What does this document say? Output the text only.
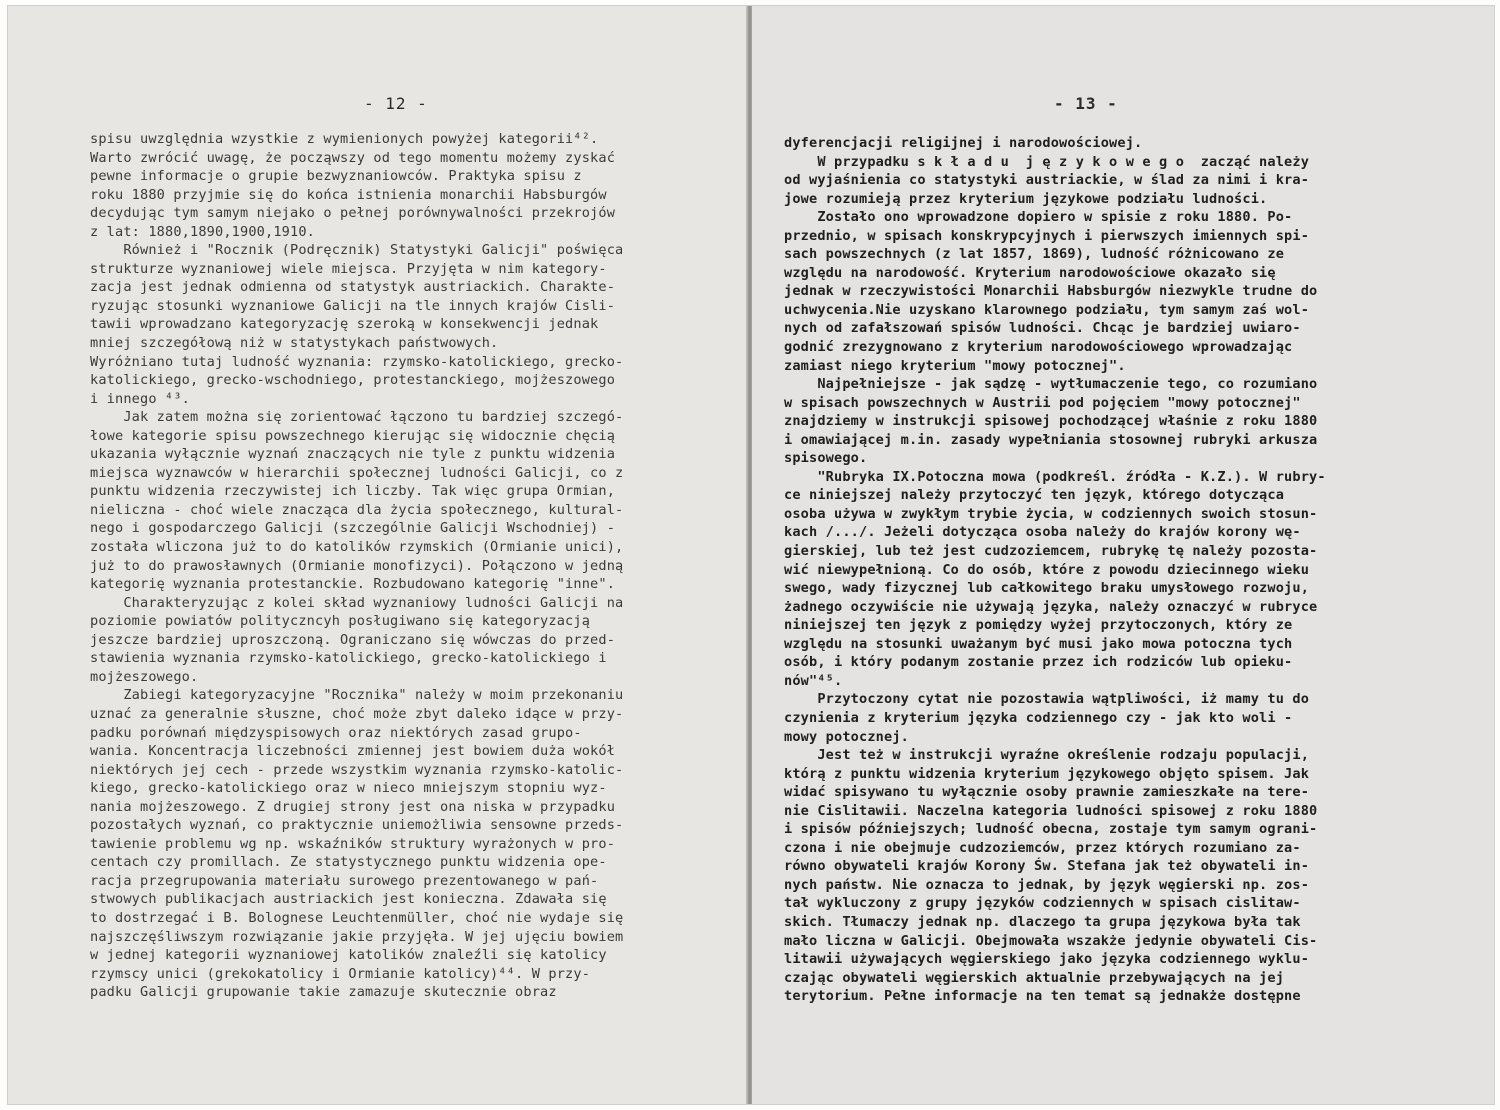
- 12 -
spisu uwzględnia wzystkie z wymienionych powyżej kategorii⁴².
Warto zwrócić uwagę, że począwszy od tego momentu możemy zyskać
pewne informacje o grupie bezwyznaniowców. Praktyka spisu z
roku 1880 przyjmie się do końca istnienia monarchii Habsburgów
decydując tym samym niejako o pełnej porównywalności przekrojów
z lat: 1880,1890,1900,1910.
Również i "Rocznik (Podręcznik) Statystyki Galicji" poświęca
strukturze wyznaniowej wiele miejsca. Przyjęta w nim kategory-
zacja jest jednak odmienna od statystyk austriackich. Charakte-
ryzując stosunki wyznaniowe Galicji na tle innych krajów Cisli-
tawii wprowadzano kategoryzację szeroką w konsekwencji jednak
mniej szczegółową niż w statystykach państwowych.
Wyróżniano tutaj ludność wyznania: rzymsko-katolickiego, grecko-
katolickiego, grecko-wschodniego, protestanckiego, mojżeszowego
i innego ⁴³.
Jak zatem można się zorientować łączono tu bardziej szczegó-
łowe kategorie spisu powszechnego kierując się widocznie chęcią
ukazania wyłącznie wyznań znaczących nie tyle z punktu widzenia
miejsca wyznawców w hierarchii społecznej ludności Galicji, co z
punktu widzenia rzeczywistej ich liczby. Tak więc grupa Ormian,
nieliczna - choć wiele znacząca dla życia społecznego, kultural-
nego i gospodarczego Galicji (szczególnie Galicji Wschodniej) -
została wliczona już to do katolików rzymskich (Ormianie unici),
już to do prawosławnych (Ormianie monofizyci). Połączono w jedną
kategorię wyznania protestanckie. Rozbudowano kategorię "inne".
Charakteryzując z kolei skład wyznaniowy ludności Galicji na
poziomie powiatów polityczncyh posługiwano się kategoryzacją
jeszcze bardziej uproszczoną. Ograniczano się wówczas do przed-
stawienia wyznania rzymsko-katolickiego, grecko-katolickiego i
mojżeszowego.
Zabiegi kategoryzacyjne "Rocznika" należy w moim przekonaniu
uznać za generalnie słuszne, choć może zbyt daleko idące w przy-
padku porównań międzyspisowych oraz niektórych zasad grupo-
wania. Koncentracja liczebności zmiennej jest bowiem duża wokół
niektórych jej cech - przede wszystkim wyznania rzymsko-katolic-
kiego, grecko-katolickiego oraz w nieco mniejszym stopniu wyz-
nania mojżeszowego. Z drugiej strony jest ona niska w przypadku
pozostałych wyznań, co praktycznie uniemożliwia sensowne przeds-
tawienie problemu wg np. wskaźników struktury wyrażonych w pro-
centach czy promillach. Ze statystycznego punktu widzenia ope-
racja przegrupowania materiału surowego prezentowanego w pań-
stwowych publikacjach austriackich jest konieczna. Zdawała się
to dostrzegać i B. Bolognese Leuchtenmüller, choć nie wydaje się
najszczęśliwszym rozwiązanie jakie przyjęła. W jej ujęciu bowiem
w jednej kategorii wyznaniowej katolików znaleźli się katolicy
rzymscy unici (grekokatolicy i Ormianie katolicy)⁴⁴. W przy-
padku Galicji grupowanie takie zamazuje skutecznie obraz
- 13 -
dyferencjacji religijnej i narodowościowej.
W przypadku s k ł a d u  j ę z y k o w e g o  zacząć należy
od wyjaśnienia co statystyki austriackie, w ślad za nimi i kra-
jowe rozumieją przez kryterium językowe podziału ludności.
Zostało ono wprowadzone dopiero w spisie z roku 1880. Po-
przednio, w spisach konskrypcyjnych i pierwszych imiennych spi-
sach powszechnych (z lat 1857, 1869), ludność różnicowano ze
względu na narodowość. Kryterium narodowościowe okazało się
jednak w rzeczywistości Monarchii Habsburgów niezwykle trudne do
uchwycenia.Nie uzyskano klarownego podziału, tym samym zaś wol-
nych od zafałszowań spisów ludności. Chcąc je bardziej uwiaro-
godnić zrezygnowano z kryterium narodowościowego wprowadzając
zamiast niego kryterium "mowy potocznej".
Najpełniejsze - jak sądzę - wytłumaczenie tego, co rozumiano
w spisach powszechnych w Austrii pod pojęciem "mowy potocznej"
znajdziemy w instrukcji spisowej pochodzącej właśnie z roku 1880
i omawiającej m.in. zasady wypełniania stosownej rubryki arkusza
spisowego.
"Rubryka IX.Potoczna mowa (podkreśl. źródła - K.Z.). W rubry-
ce niniejszej należy przytoczyć ten język, którego dotycząca
osoba używa w zwykłym trybie życia, w codziennych swoich stosun-
kach /.../. Jeżeli dotycząca osoba należy do krajów korony wę-
gierskiej, lub też jest cudzoziemcem, rubrykę tę należy pozosta-
wić niewypełnioną. Co do osób, które z powodu dziecinnego wieku
swego, wady fizycznej lub całkowitego braku umysłowego rozwoju,
żadnego oczywiście nie używają języka, należy oznaczyć w rubryce
niniejszej ten język z pomiędzy wyżej przytoczonych, który ze
względu na stosunki uważanym być musi jako mowa potoczna tych
osób, i który podanym zostanie przez ich rodziców lub opieku-
nów"⁴⁵.
Przytoczony cytat nie pozostawia wątpliwości, iż mamy tu do
czynienia z kryterium języka codziennego czy - jak kto woli -
mowy potocznej.
Jest też w instrukcji wyraźne określenie rodzaju populacji,
którą z punktu widzenia kryterium językowego objęto spisem. Jak
widać spisywano tu wyłącznie osoby prawnie zamieszkałe na tere-
nie Cislitawii. Naczelna kategoria ludności spisowej z roku 1880
i spisów późniejszych; ludność obecna, zostaje tym samym ograni-
czona i nie obejmuje cudzoziemców, przez których rozumiano za-
równo obywateli krajów Korony Św. Stefana jak też obywateli in-
nych państw. Nie oznacza to jednak, by język węgierski np. zos-
tał wykluczony z grupy języków codziennych w spisach cislitaw-
skich. Tłumaczy jednak np. dlaczego ta grupa językowa była tak
mało liczna w Galicji. Obejmowała wszakże jedynie obywateli Cis-
litawii używających węgierskiego jako języka codziennego wyklu-
czając obywateli węgierskich aktualnie przebywających na jej
terytorium. Pełne informacje na ten temat są jednakże dostępne
